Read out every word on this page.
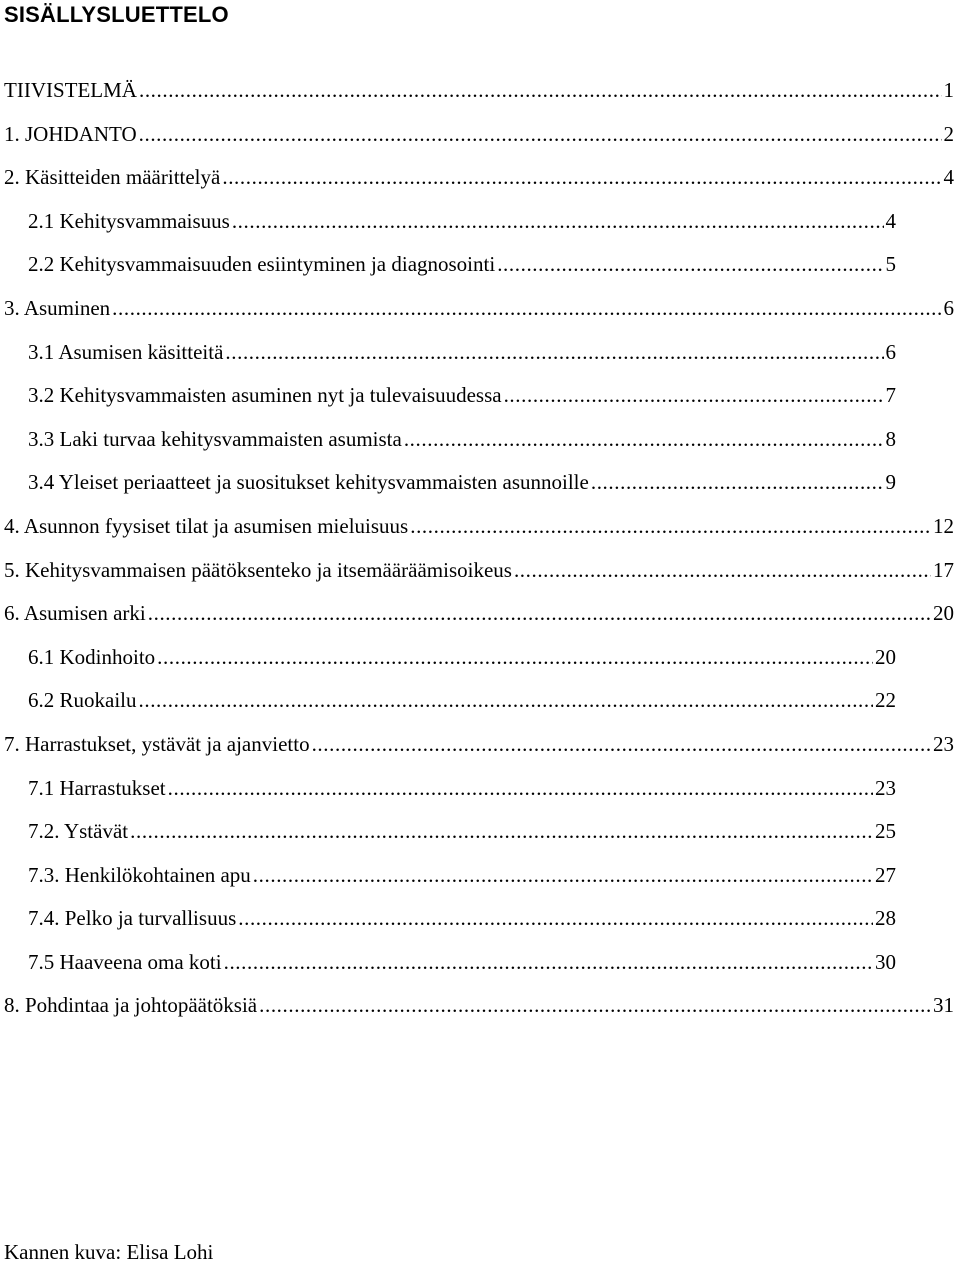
SISÄLLYSLUETTELO
TIIVISTELMÄ .....	1
1. JOHDANTO .....	2
2. Käsitteiden määrittelyä .....	4
2.1 Kehitysvammaisuus .....	4
2.2 Kehitysvammaisuuden esiintyminen ja diagnosointi .....	5
3. Asuminen .....	6
3.1 Asumisen käsitteitä .....	6
3.2 Kehitysvammaisten asuminen nyt ja tulevaisuudessa .....	7
3.3 Laki turvaa kehitysvammaisten asumista .....	8
3.4 Yleiset periaatteet ja suositukset kehitysvammaisten asunnoille .....	9
4. Asunnon fyysiset tilat ja asumisen mieluisuus .....	12
5. Kehitysvammaisen päätöksenteko ja itsemääräämisoikeus .....	17
6. Asumisen arki .....	20
6.1 Kodinhoito .....	20
6.2 Ruokailu .....	22
7. Harrastukset, ystävät ja ajanvietto .....	23
7.1 Harrastukset .....	23
7.2. Ystävät .....	25
7.3. Henkilökohtainen apu .....	27
7.4. Pelko ja turvallisuus .....	28
7.5 Haaveena oma koti .....	30
8. Pohdintaa ja johtopäätöksiä .....	31

Kannen kuva: Elisa Lohi
